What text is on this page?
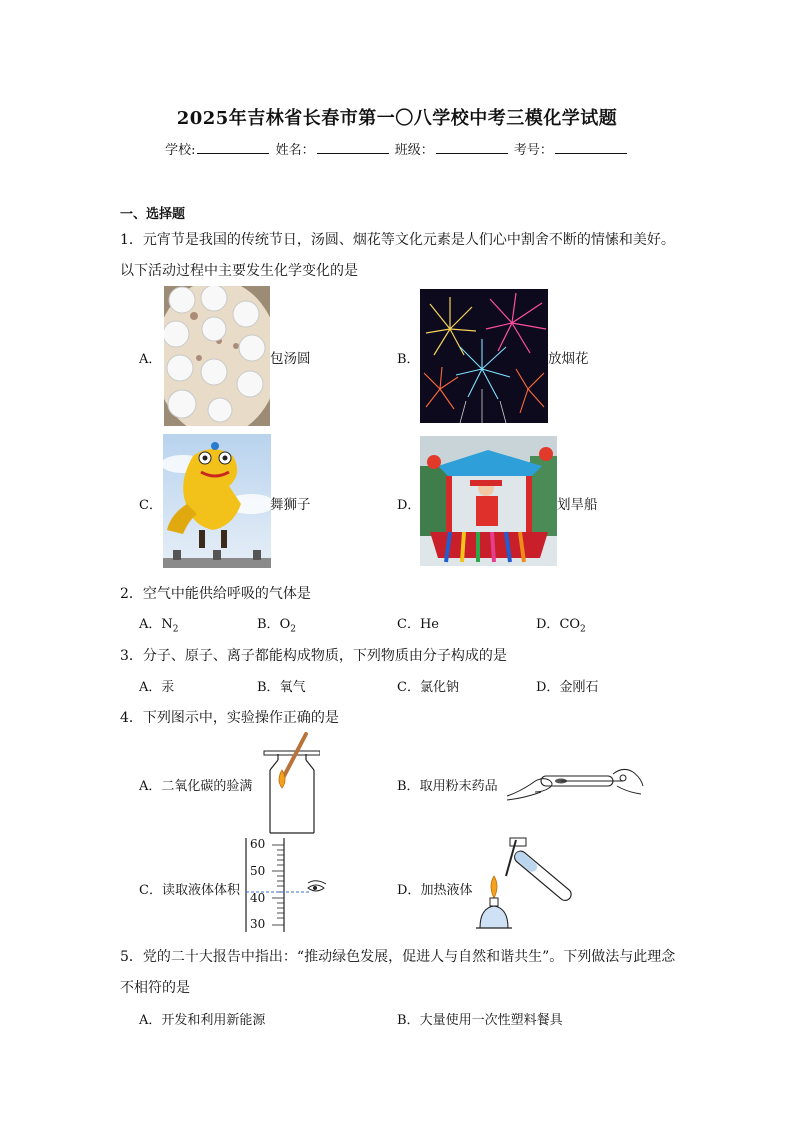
2025年吉林省长春市第一〇八学校中考三模化学试题
学校:	姓名：	班级：	考号：
一、选择题
1．元宵节是我国的传统节日，汤圆、烟花等文化元素是人们心中割舍不断的情愫和美好。
以下活动过程中主要发生化学变化的是
A．	包汤圆	B．	放烟花
C．	舞狮子	D．	划旱船
2．空气中能供给呼吸的气体是
A．$N_2$	B．$O_2$	C．He	D．$CO_2$
3．分子、原子、离子都能构成物质，下列物质由分子构成的是
A．汞	B．氧气	C．氯化钠	D．金刚石
4．下列图示中，实验操作正确的是
A．二氧化碳的验满	B．取用粉末药品
C．读取液体体积
60
50
40
30
D．加热液体
5．党的二十大报告中指出：“推动绿色发展，促进人与自然和谐共生”。下列做法与此理念
不相符的是
A．开发和利用新能源	B．大量使用一次性塑料餐具
